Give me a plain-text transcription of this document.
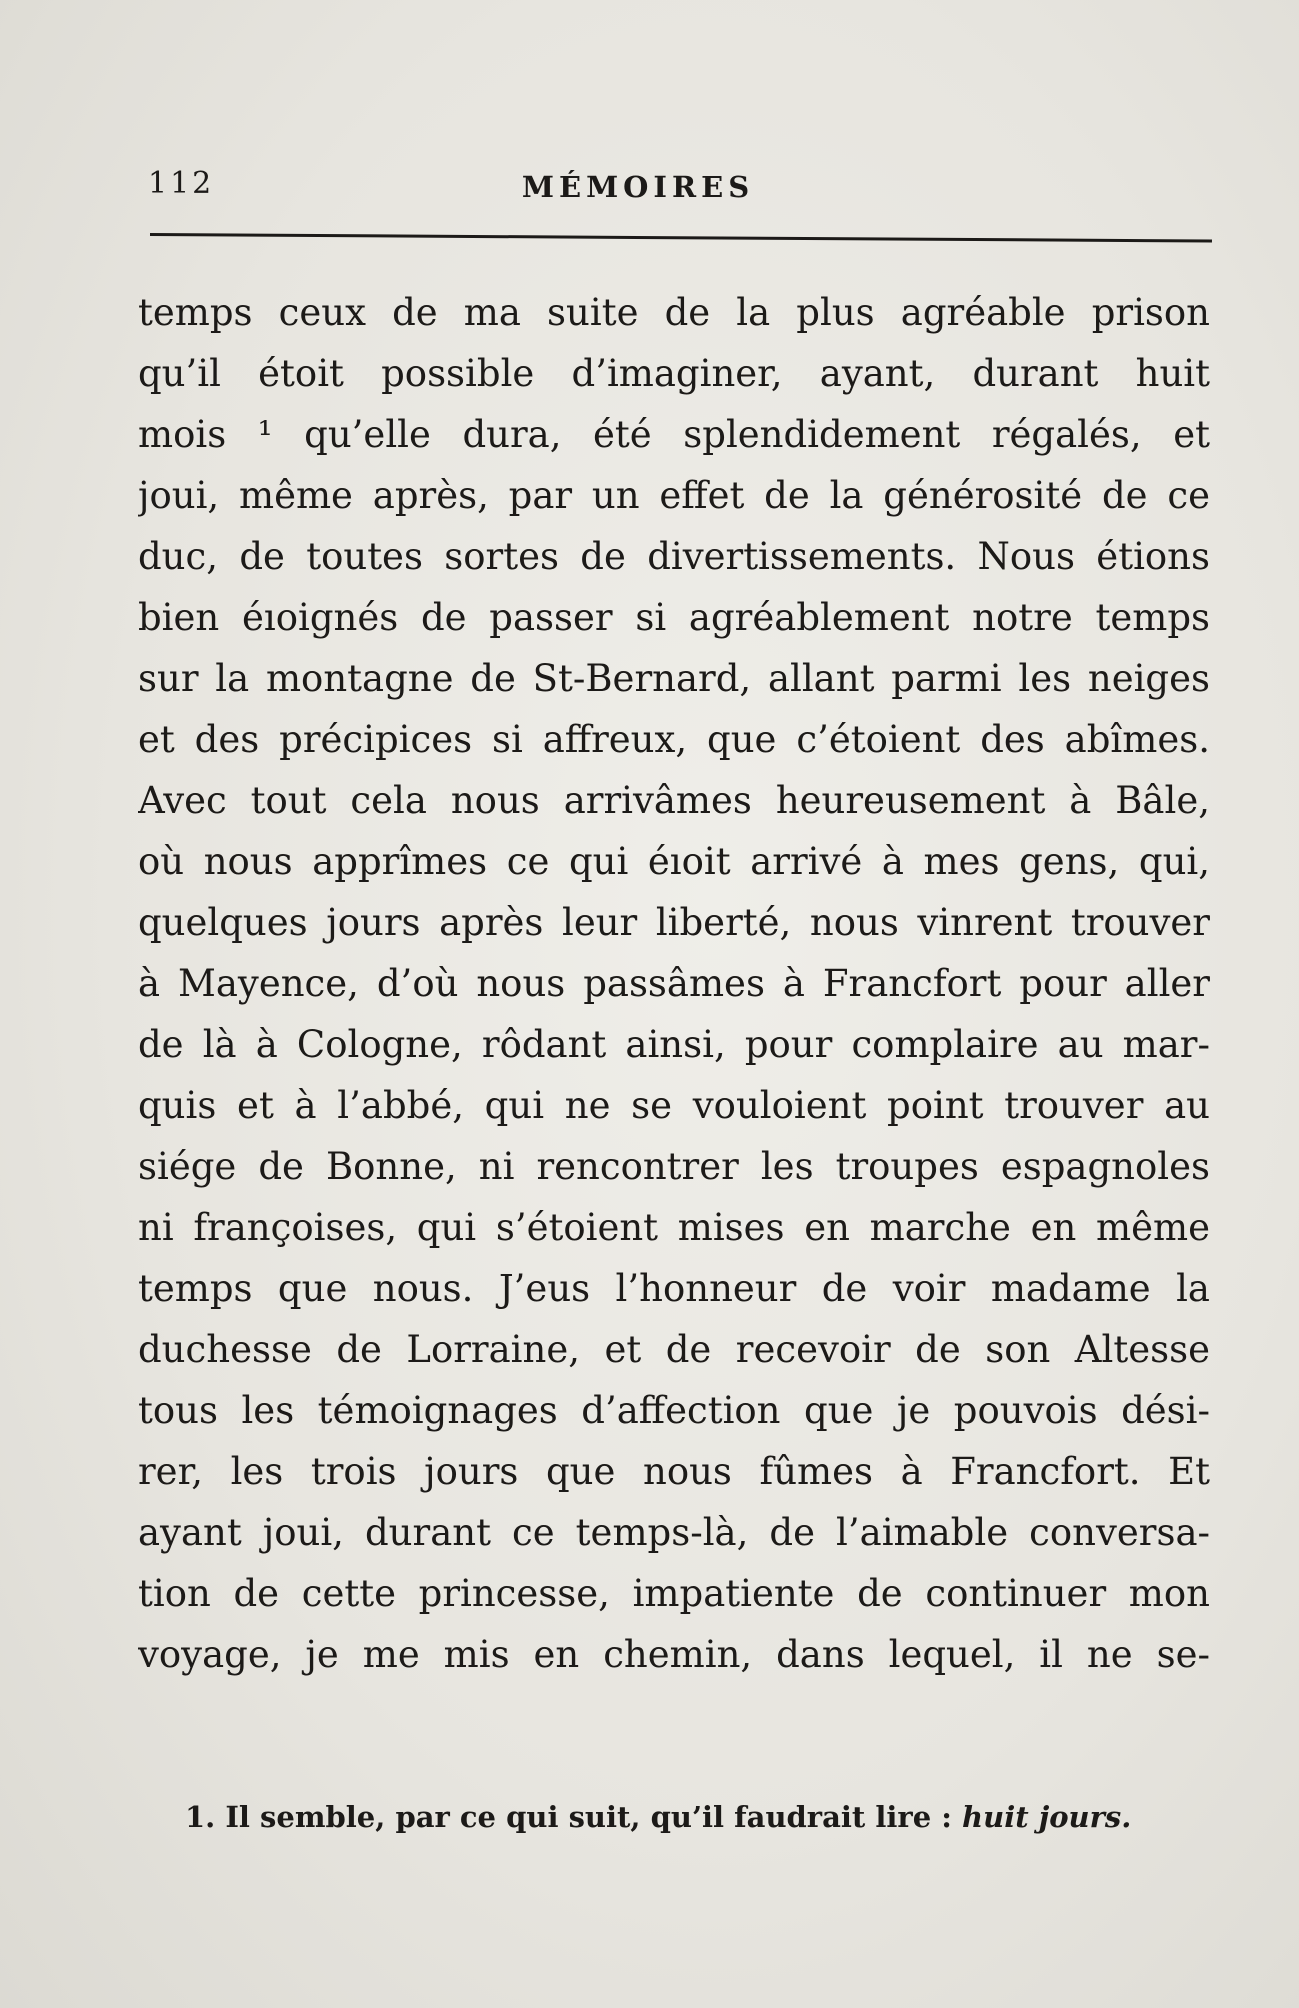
112	MÉMOIRES
temps ceux de ma suite de la plus agréable prison
qu’il étoit possible d’imaginer, ayant, durant huit
mois ¹ qu’elle dura, été splendidement régalés, et
joui, même après, par un effet de la générosité de ce
duc, de toutes sortes de divertissements. Nous étions
bien éıoignés de passer si agréablement notre temps
sur la montagne de St-Bernard, allant parmi les neiges
et des précipices si affreux, que c’étoient des abîmes.
Avec tout cela nous arrivâmes heureusement à Bâle,
où nous apprîmes ce qui éıoit arrivé à mes gens, qui,
quelques jours après leur liberté, nous vinrent trouver
à Mayence, d’où nous passâmes à Francfort pour aller
de là à Cologne, rôdant ainsi, pour complaire au mar-
quis et à l’abbé, qui ne se vouloient point trouver au
siége de Bonne, ni rencontrer les troupes espagnoles
ni françoises, qui s’étoient mises en marche en même
temps que nous. J’eus l’honneur de voir madame la
duchesse de Lorraine, et de recevoir de son Altesse
tous les témoignages d’affection que je pouvois dési-
rer, les trois jours que nous fûmes à Francfort. Et
ayant joui, durant ce temps-là, de l’aimable conversa-
tion de cette princesse, impatiente de continuer mon
voyage, je me mis en chemin, dans lequel, il ne se-
1. Il semble, par ce qui suit, qu’il faudrait lire : huit jours.
